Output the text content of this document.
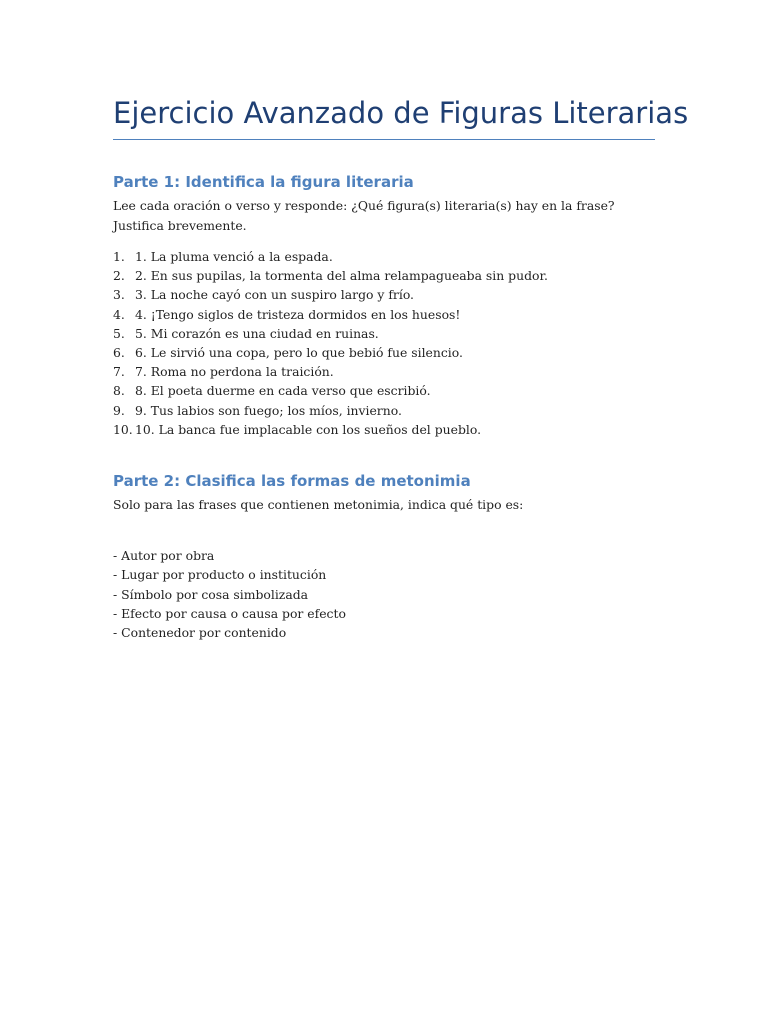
Ejercicio Avanzado de Figuras Literarias
Parte 1: Identifica la figura literaria

Lee cada oración o verso y responde: ¿Qué figura(s) literaria(s) hay en la frase? Justifica brevemente.

1. 1. La pluma venció a la espada.
2. 2. En sus pupilas, la tormenta del alma relampagueaba sin pudor.
3. 3. La noche cayó con un suspiro largo y frío.
4. 4. ¡Tengo siglos de tristeza dormidos en los huesos!
5. 5. Mi corazón es una ciudad en ruinas.
6. 6. Le sirvió una copa, pero lo que bebió fue silencio.
7. 7. Roma no perdona la traición.
8. 8. El poeta duerme en cada verso que escribió.
9. 9. Tus labios son fuego; los míos, invierno.
10. 10. La banca fue implacable con los sueños del pueblo.
Parte 2: Clasifica las formas de metonimia

Solo para las frases que contienen metonimia, indica qué tipo es:

- Autor por obra
- Lugar por producto o institución
- Símbolo por cosa simbolizada
- Efecto por causa o causa por efecto
- Contenedor por contenido
